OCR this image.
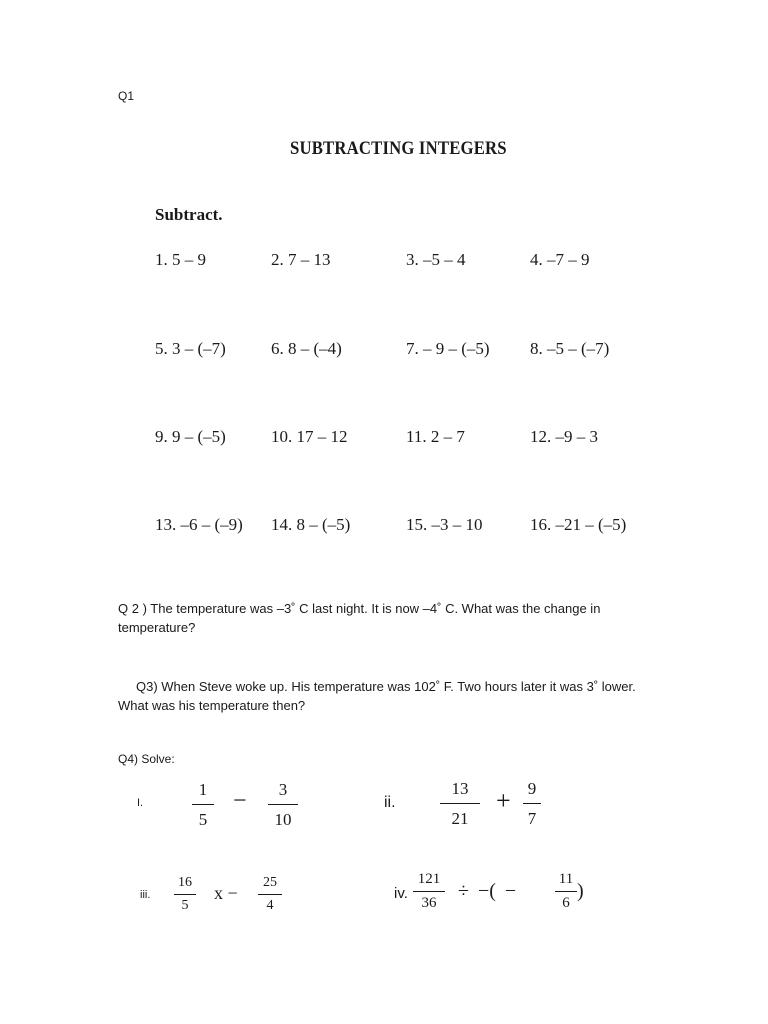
Q1
SUBTRACTING INTEGERS
Subtract.
1. 5 – 9	2. 7 – 13	3. –5 – 4	4. –7 – 9
5. 3 – (–7)	6. 8 – (–4)	7. – 9 – (–5) 8. –5 – (–7)
9. 9 – (–5)	10. 17 – 12	11. 2 – 7	12. –9 – 3
13. –6 – (–9) 14. 8 – (–5)	15. –3 – 10	16. –21 – (–5)
Q 2 ) The temperature was –3˚ C last night. It is now –4˚ C. What was the change in temperature?
Q3) When Steve woke up. His temperature was 102˚ F. Two hours later it was 3˚ lower. What was his temperature then?
Q4) Solve:
I.
1
5
− 3
10
ii.
13
21
+ 9
7
iii.
16
5
x −
25
4
iv.
121
36
÷ −( −
11
6
)
